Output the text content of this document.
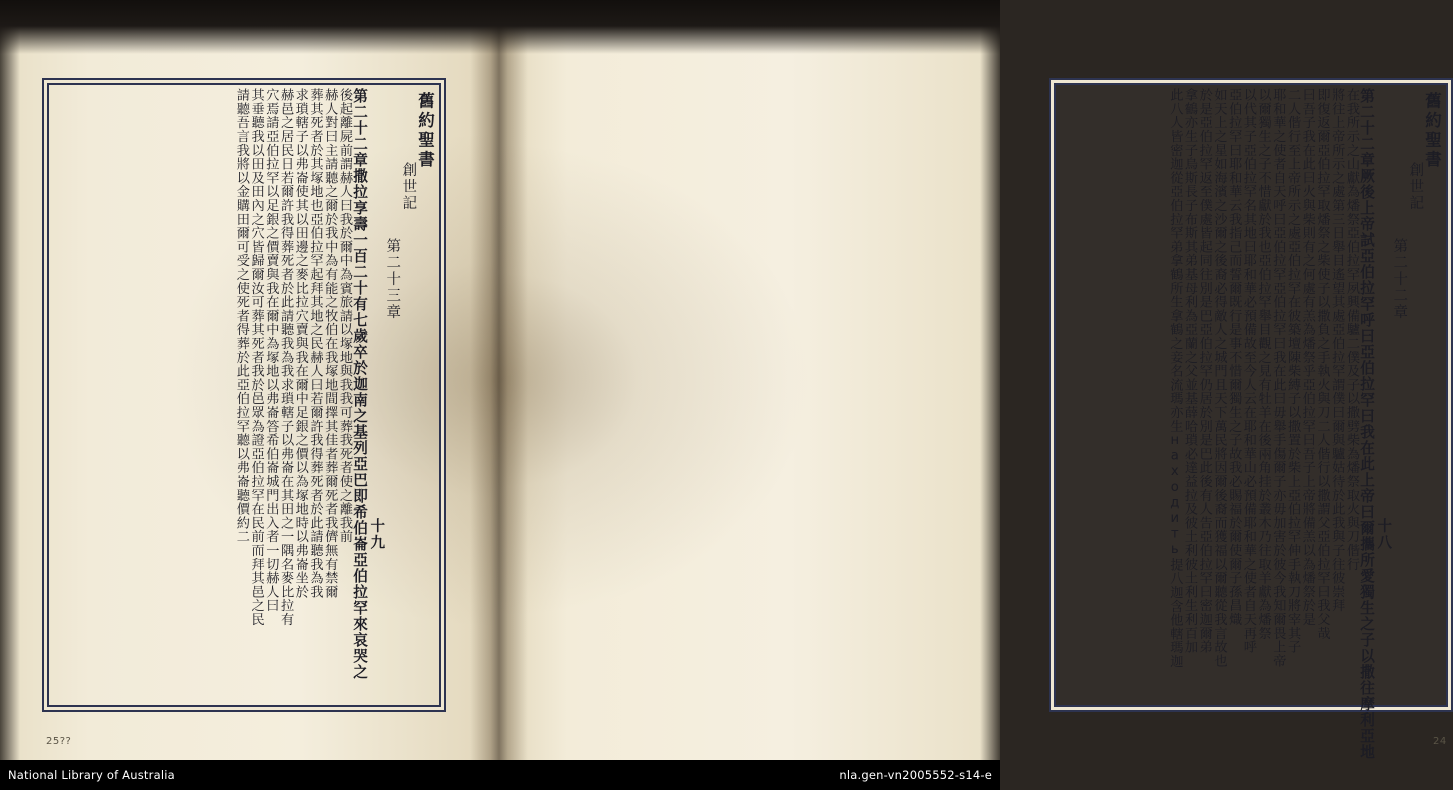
舊約聖書
創世記
第二十三章
十九
第二十二章撒拉享壽一百二十有七歲卒於迦南之基列亞巴即希伯崙亞伯拉罕來哀哭之
後起離屍前謂赫人曰我於爾中為賓旅請以塚地與我我可葬我死者使之離我前
赫人對曰主請聽之爾於我中為有能之牧伯在我塚地間擇其佳者葬爾死者我儕無有禁爾
葬其死者於其塚地也亞伯拉罕起拜其地之民赫人曰若爾許我得葬死者於此請聽我為我
求瑣轄子以弗崙使其以田邊之麥比拉穴賣與我在爾中足銀之價以為塚地時以弗崙坐於
赫邑之居民日若爾許我得葬死者於此請聽我為我求瑣轄子以弗崙在其田之一隅名麥比拉有
穴焉請亞伯拉罕以足銀之價賣與我在爾中為塚地以弗崙答希伯崙城門出入者一切赫人曰
其垂聽我以田及田內之穴皆歸爾汝可葬其死者我於邑眾為證亞伯拉罕在民前而拜其邑之民
請聽吾言我將以金購田爾可受之使死者得葬於此亞伯拉罕聽以弗崙聽價約二
25??
舊約聖書
創世記
第二十二章
十八
第二十二章厥後上帝試亞伯拉罕呼曰亞伯拉罕曰我在此上帝曰爾攜所愛獨生之子以撒往摩利亞地
在我所示之山獻為燔祭亞伯拉罕夙興備驢二僕及子以撒劈柴為燔祭取火與刀偕行
將往上帝所示之處第三日舉目遙望其處亞伯拉罕謂僕曰爾與驢姑待於此我與子往彼崇拜
即復返爾亞伯拉罕取燔祭之柴使子以撒負之手執火與刀二人偕行以撒謂父亞伯拉罕曰我父哉
曰吾子我在此曰火與柴則有之何處有羔為燔祭乎亞伯拉罕曰吾子上帝將備羔以為燔祭於是
二人偕行至上帝所示之處亞伯拉罕在彼築壇陳柴縛子以撒置於柴上亞伯拉罕伸手執刀將宰其子
耶和華之使者自天呼曰亞伯拉罕亞伯拉罕曰我在此曰毋舉手傷爾子亦毋加害於彼今我知爾畏上帝
以爾獨生之子不惜獻於我也亞伯拉罕舉目觀之見有牡羊在後兩角挂於叢木乃往取羊獻為燔祭
以代其子亞伯拉罕名其地曰耶和華必預備故至今人云在耶和華山必預備耶和華之使者自天再呼
亞伯拉罕曰耶和華云我指己而誓爾既行是事不惜爾獨生之子故我必賜福於爾使爾子孫昌熾
如天上之星如海濱之沙爾之後裔必得敵人之城門且天下萬民將因爾後裔而獲福以爾聽從我言故也
於是亞伯拉罕返至僕處皆起同往別是巴亞伯拉罕仍居於別是巴此後有人告亞伯拉罕曰密迦爾弟
拿鶴亦生子烏斯長子布斯其弟基母利為亞蘭之父並基薛哈瑣必達益拉及彼土利彼土利生利百加
此八人皆密迦從亞伯拉罕弟拿鶴所生拿鶴之妾名流瑪亦生находить提八迦含他轄瑪迦
24
National Library of Australia	nla.gen-vn2005552-s14-e
